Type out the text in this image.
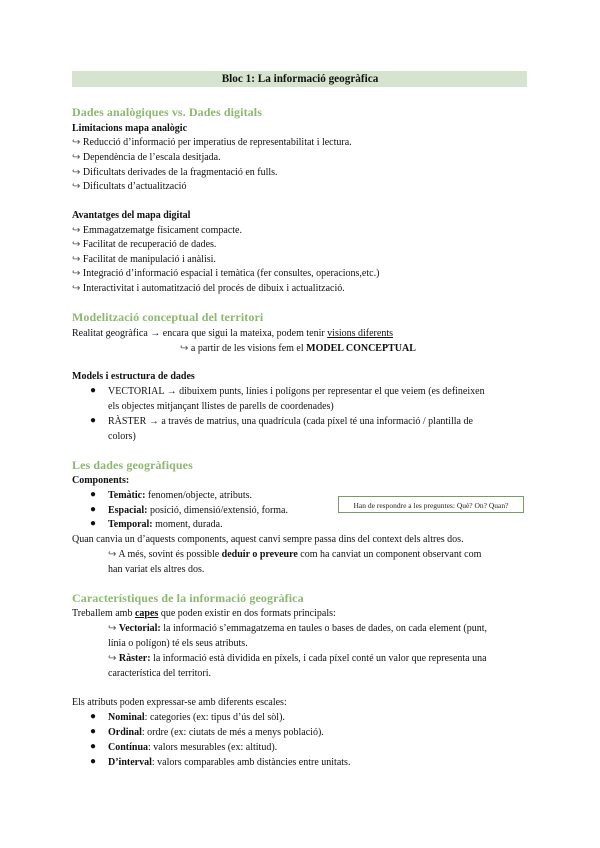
Bloc 1: La informació geogràfica
Dades analògiques vs. Dades digitals
Limitacions mapa analògic
↪ Reducció d’informació per imperatius de representabilitat i lectura.
↪ Dependència de l’escala desitjada.
↪ Dificultats derivades de la fragmentació en fulls.
↪ Dificultats d’actualització
Avantatges del mapa digital
↪ Emmagatzematge físicament compacte.
↪ Facilitat de recuperació de dades.
↪ Facilitat de manipulació i anàlisi.
↪ Integració d’informació espacial i temàtica (fer consultes, operacions,etc.)
↪ Interactivitat i automatització del procés de dibuix i actualització.
Modelització conceptual del territori
Realitat geogràfica → encara que sigui la mateixa, podem tenir visions diferents
↪ a partir de les visions fem el MODEL CONCEPTUAL
Models i estructura de dades
● VECTORIAL → dibuixem punts, línies i polígons per representar el que veiem (es defineixen
els objectes mitjançant llistes de parells de coordenades)
● RÀSTER → a través de matrius, una quadrícula (cada píxel té una informació / plantilla de
colors)
Les dades geogràfiques
Components:
● Temàtic: fenomen/objecte, atributs.
● Espacial: posició, dimensió/extensió, forma.
● Temporal: moment, durada.
Han de respondre a les preguntes: Què? On? Quan?
Quan canvia un d’aquests components, aquest canvi sempre passa dins del context dels altres dos.
↪ A més, sovint és possible deduir o preveure com ha canviat un component observant com
han variat els altres dos.
Característiques de la informació geogràfica
Treballem amb capes que poden existir en dos formats principals:
↪ Vectorial: la informació s’emmagatzema en taules o bases de dades, on cada element (punt,
línia o polígon) té els seus atributs.
↪ Ràster: la informació està dividida en píxels, i cada píxel conté un valor que representa una
característica del territori.
Els atributs poden expressar-se amb diferents escales:
● Nominal: categories (ex: tipus d’ús del sòl).
● Ordinal: ordre (ex: ciutats de més a menys població).
● Contínua: valors mesurables (ex: altitud).
● D’interval: valors comparables amb distàncies entre unitats.
